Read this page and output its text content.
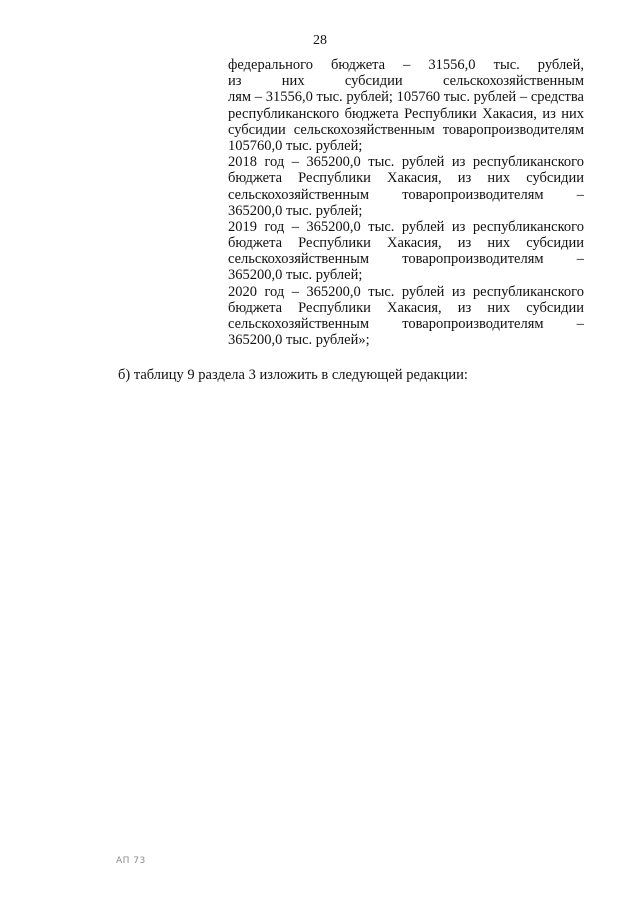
28
федерального бюджета – 31556,0 тыс. рублей,
из них субсидии сельскохозяйственным
лям – 31556,0 тыс. рублей; 105760 тыс. рублей – средства
республиканского бюджета Республики Хакасия, из них
субсидии сельскохозяйственным товаропроизводителям
105760,0 тыс. рублей;
2018 год – 365200,0 тыс. рублей из республиканского
бюджета Республики Хакасия, из них субсидии
сельскохозяйственным товаропроизводителям –
365200,0 тыс. рублей;
2019 год – 365200,0 тыс. рублей из республиканского
бюджета Республики Хакасия, из них субсидии
сельскохозяйственным товаропроизводителям –
365200,0 тыс. рублей;
2020 год – 365200,0 тыс. рублей из республиканского
бюджета Республики Хакасия, из них субсидии
сельскохозяйственным товаропроизводителям –
365200,0 тыс. рублей»;
б) таблицу 9 раздела 3 изложить в следующей редакции:
АП 73
